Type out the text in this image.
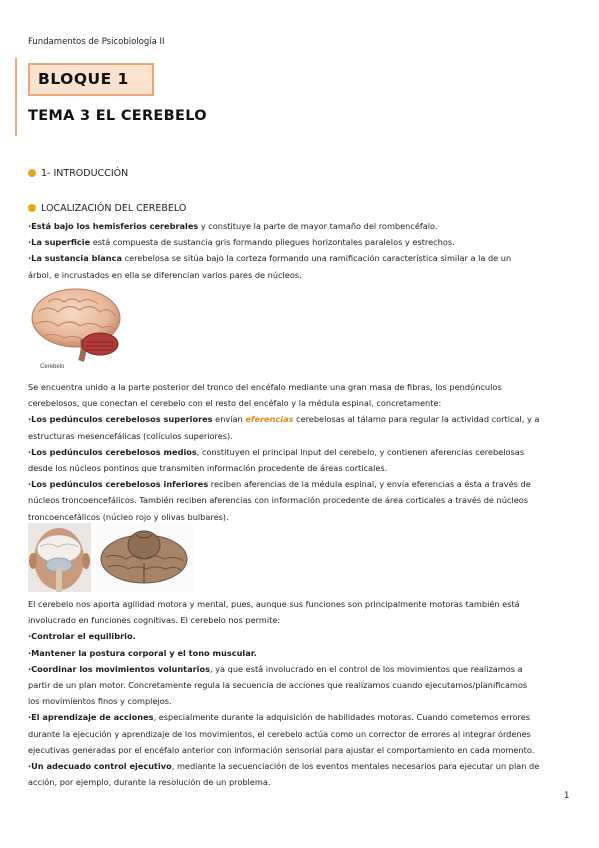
Fundamentos de Psicobiología II
BLOQUE 1
TEMA 3 EL CEREBELO
1- INTRODUCCIÓN
LOCALIZACIÓN DEL CEREBELO
·Está bajo los hemisferios cerebrales y constituye la parte de mayor tamaño del rombencéfalo.
·La superficie está compuesta de sustancia gris formando pliegues horizontales paralelos y estrechos.
·La sustancia blanca cerebelosa se sitúa bajo la corteza formando una ramificación característica similar a la de un
árbol, e incrustados en ella se diferencian varios pares de núcleos.
Cerebelo
Se encuentra unido a la parte posterior del tronco del encéfalo mediante una gran masa de fibras, los pendúnculos
cerebelosos, que conectan el cerebelo con el resto del encéfalo y la médula espinal, concretamente:
·Los pedúnculos cerebelosos superiores envían eferencias cerebelosas al tálamo para regular la actividad cortical, y a
estructuras mesencefálicas (colículos superiores).
·Los pedúnculos cerebelosos medios, constituyen el principal input del cerebelo, y contienen aferencias cerebelosas
desde los núcleos pontinos que transmiten información procedente de áreas corticales.
·Los pedúnculos cerebelosos inferiores reciben aferencias de la médula espinal, y envía eferencias a ésta a través de
núcleos troncoencefálicos. También reciben aferencias con información procedente de área corticales a través de núcleos
troncoencefálicos (núcleo rojo y olivas bulbares).
El cerebelo nos aporta agilidad motora y mental, pues, aunque sus funciones son principalmente motoras también está
involucrado en funciones cognitivas. El cerebelo nos permite:
·Controlar el equilibrio.
·Mantener la postura corporal y el tono muscular.
·Coordinar los movimientos voluntarios, ya que está involucrado en el control de los movimientos que realizamos a
partir de un plan motor. Concretamente regula la secuencia de acciones que realizamos cuando ejecutamos/planificamos
los movimientos finos y complejos.
·El aprendizaje de acciones, especialmente durante la adquisición de habilidades motoras. Cuando cometemos errores
durante la ejecución y aprendizaje de los movimientos, el cerebelo actúa como un corrector de errores al integrar órdenes
ejecutivas generadas por el encéfalo anterior con información sensorial para ajustar el comportamiento en cada momento.
·Un adecuado control ejecutivo, mediante la secuenciación de los eventos mentales necesarios para ejecutar un plan de
acción, por ejemplo, durante la resolución de un problema.
1
